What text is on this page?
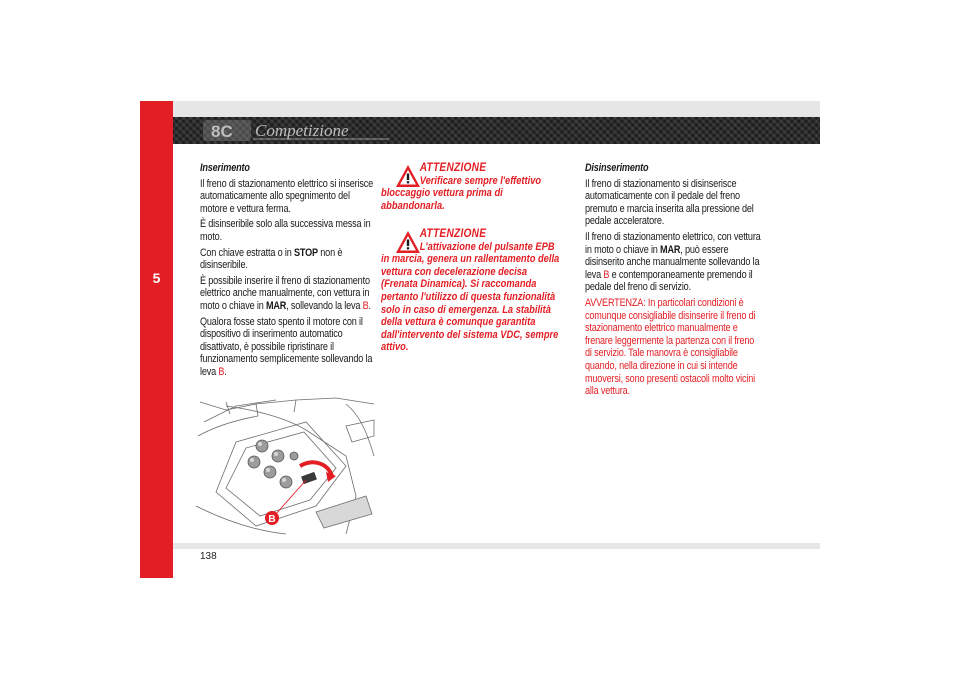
5
8C Competizione

Inserimento

Il freno di stazionamento elettrico si inserisce automaticamente allo spegnimento del motore e vettura ferma.

È disinseribile solo alla successiva messa in moto.

Con chiave estratta o in STOP non è disinseribile.

È possibile inserire il freno di stazionamento elettrico anche manualmente, con vettura in moto o chiave in MAR, sollevando la leva B.

Qualora fosse stato spento il motore con il dispositivo di inserimento automatico disattivato, è possibile ripristinare il funzionamento semplicemente sollevando la leva B.

ATTENZIONE
Verificare sempre l'effettivo
bloccaggio vettura prima di abbandonarla.
ATTENZIONE
L'attivazione del pulsante EPB
in marcia, genera un rallentamento della vettura con decelerazione decisa (Frenata Dinamica). Si raccomanda pertanto l'utilizzo di questa funzionalità solo in caso di emergenza. La stabilità della vettura è comunque garantita dall'intervento del sistema VDC, sempre attivo.

Disinserimento

Il freno di stazionamento si disinserisce automaticamente con il pedale del freno premuto e marcia inserita alla pressione del pedale acceleratore.

Il freno di stazionamento elettrico, con vettura in moto o chiave in MAR, può essere disinserito anche manualmente sollevando la leva B e contemporaneamente premendo il pedale del freno di servizio.

AVVERTENZA: In particolari condizioni è comunque consigliabile disinserire il freno di stazionamento elettrico manualmente e frenare leggermente la partenza con il freno di servizio. Tale manovra è consigliabile quando, nella direzione in cui si intende muoversi, sono presenti ostacoli molto vicini alla vettura.

B
138
